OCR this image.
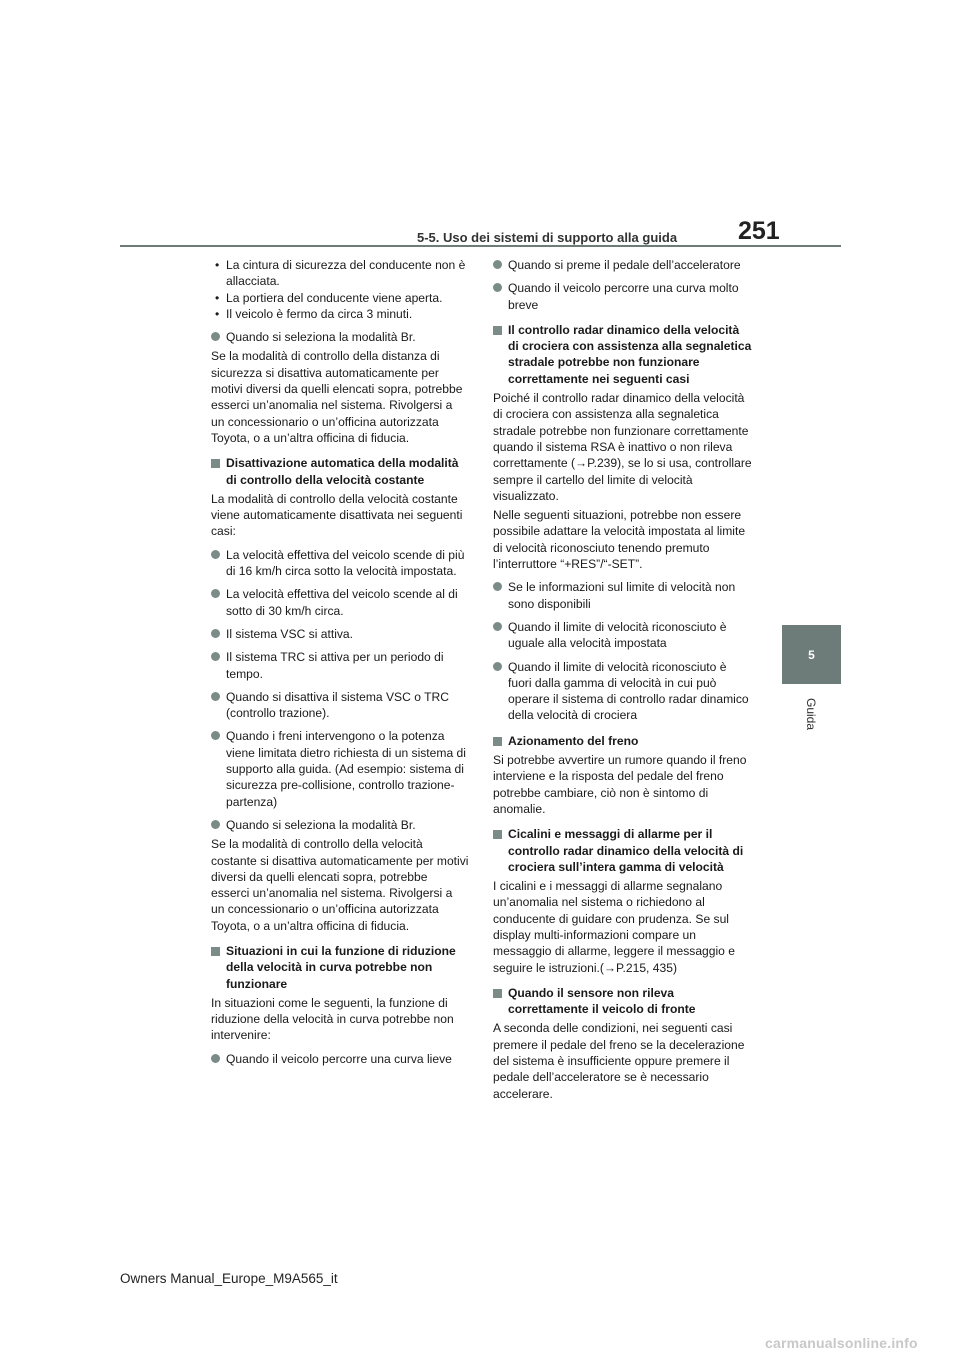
5-5. Uso dei sistemi di supporto alla guida 251
5
Guida
• La cintura di sicurezza del conducente non è allacciata.
• La portiera del conducente viene aperta.
• Il veicolo è fermo da circa 3 minuti.
Quando si seleziona la modalità Br.
Se la modalità di controllo della distanza di sicurezza si disattiva automaticamente per motivi diversi da quelli elencati sopra, potrebbe esserci un’anomalia nel sistema. Rivolgersi a un concessionario o un’officina autorizzata Toyota, o a un’altra officina di fiducia.
Disattivazione automatica della modalità di controllo della velocità costante
La modalità di controllo della velocità costante viene automaticamente disattivata nei seguenti casi:
La velocità effettiva del veicolo scende di più di 16 km/h circa sotto la velocità impostata.
La velocità effettiva del veicolo scende al di sotto di 30 km/h circa.
Il sistema VSC si attiva.
Il sistema TRC si attiva per un periodo di tempo.
Quando si disattiva il sistema VSC o TRC (controllo trazione).
Quando i freni intervengono o la potenza viene limitata dietro richiesta di un sistema di supporto alla guida. (Ad esempio: sistema di sicurezza pre-collisione, controllo trazione-partenza)
Quando si seleziona la modalità Br.
Se la modalità di controllo della velocità costante si disattiva automaticamente per motivi diversi da quelli elencati sopra, potrebbe esserci un’anomalia nel sistema. Rivolgersi a un concessionario o un’officina autorizzata Toyota, o a un’altra officina di fiducia.
Situazioni in cui la funzione di riduzione della velocità in curva potrebbe non funzionare
In situazioni come le seguenti, la funzione di riduzione della velocità in curva potrebbe non intervenire:
Quando il veicolo percorre una curva lieve
Quando si preme il pedale dell’acceleratore
Quando il veicolo percorre una curva molto breve
Il controllo radar dinamico della velocità di crociera con assistenza alla segnaletica stradale potrebbe non funzionare correttamente nei seguenti casi
Poiché il controllo radar dinamico della velocità di crociera con assistenza alla segnaletica stradale potrebbe non funzionare correttamente quando il sistema RSA è inattivo o non rileva correttamente (→P.239), se lo si usa, controllare sempre il cartello del limite di velocità visualizzato.
Nelle seguenti situazioni, potrebbe non essere possibile adattare la velocità impostata al limite di velocità riconosciuto tenendo premuto l’interruttore “+RES”/“-SET”.
Se le informazioni sul limite di velocità non sono disponibili
Quando il limite di velocità riconosciuto è uguale alla velocità impostata
Quando il limite di velocità riconosciuto è fuori dalla gamma di velocità in cui può operare il sistema di controllo radar dinamico della velocità di crociera
Azionamento del freno
Si potrebbe avvertire un rumore quando il freno interviene e la risposta del pedale del freno potrebbe cambiare, ciò non è sintomo di anomalie.
Cicalini e messaggi di allarme per il controllo radar dinamico della velocità di crociera sull’intera gamma di velocità
I cicalini e i messaggi di allarme segnalano un’anomalia nel sistema o richiedono al conducente di guidare con prudenza. Se sul display multi-informazioni compare un messaggio di allarme, leggere il messaggio e seguire le istruzioni.(→P.215, 435)
Quando il sensore non rileva correttamente il veicolo di fronte
A seconda delle condizioni, nei seguenti casi premere il pedale del freno se la decelerazione del sistema è insufficiente oppure premere il pedale dell’acceleratore se è necessario accelerare.
Owners Manual_Europe_M9A565_it
carmanualsonline.info
